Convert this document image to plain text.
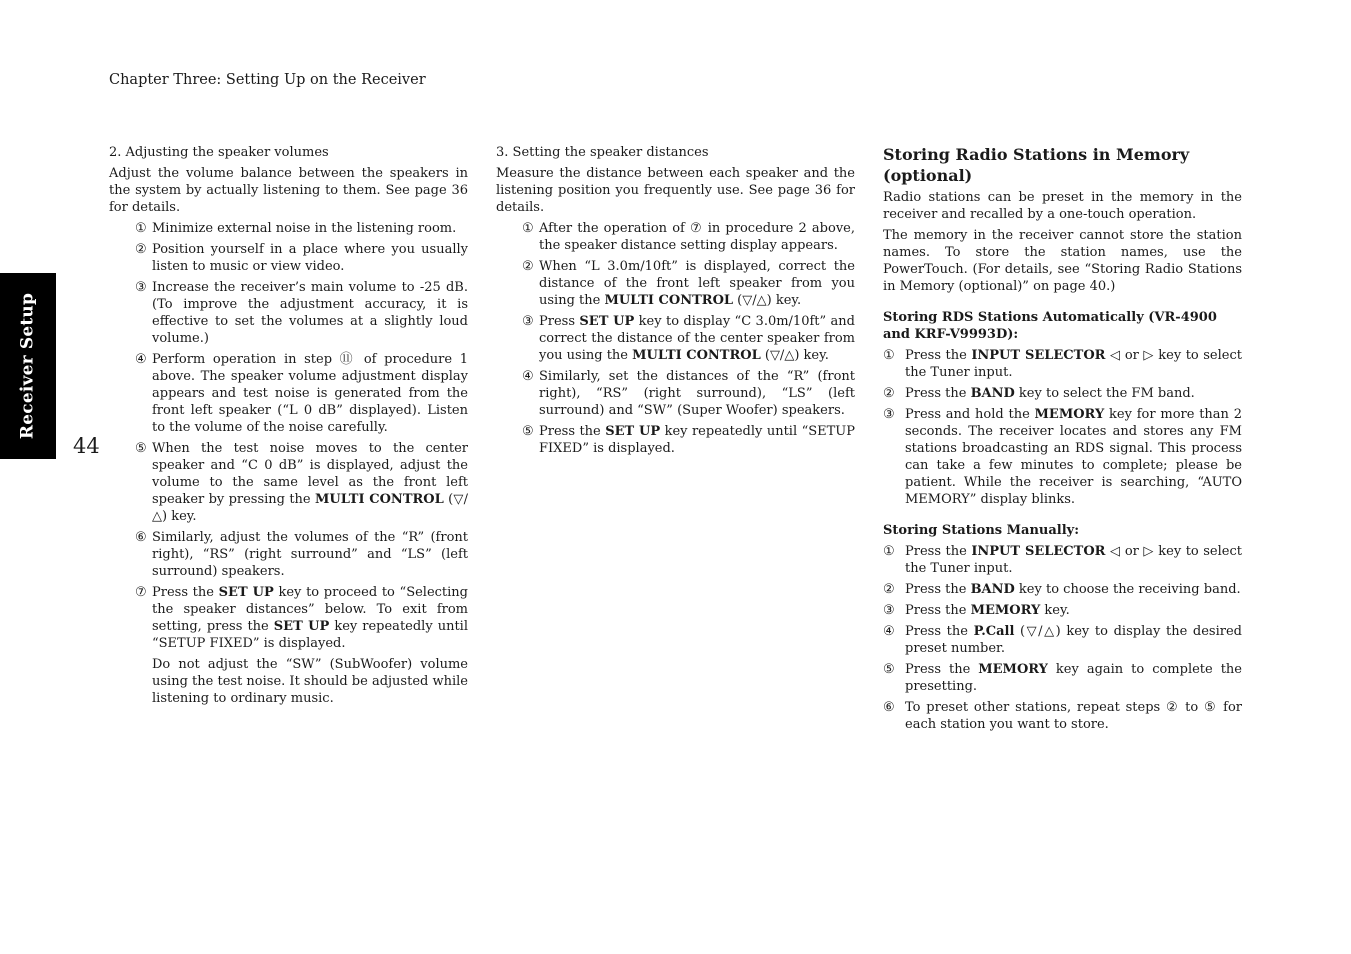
Chapter Three: Setting Up on the Receiver
Receiver Setup
44
2. Adjusting the speaker volumes
Adjust the volume balance between the speakers in the system by actually listening to them. See page 36 for details.
① Minimize external noise in the listening room.
② Position yourself in a place where you usually listen to music or view video.
③ Increase the receiver’s main volume to -25 dB. (To improve the adjustment accuracy, it is effective to set the volumes at a slightly loud volume.)
④ Perform operation in step ⑪ of procedure 1 above. The speaker volume adjustment display appears and test noise is generated from the front left speaker (“L 0 dB” displayed). Listen to the volume of the noise carefully.
⑤ When the test noise moves to the center speaker and “C 0 dB” is displayed, adjust the volume to the same level as the front left speaker by pressing the MULTI CONTROL (▽/△) key.
⑥ Similarly, adjust the volumes of the “R” (front right), “RS” (right surround” and “LS” (left surround) speakers.
⑦ Press the SET UP key to proceed to “Selecting the speaker distances” below. To exit from setting, press the SET UP key repeatedly until “SETUP FIXED” is displayed.
Do not adjust the “SW” (SubWoofer) volume using the test noise. It should be adjusted while listening to ordinary music.
3. Setting the speaker distances
Measure the distance between each speaker and the listening position you frequently use. See page 36 for details.
① After the operation of ⑦ in procedure 2 above, the speaker distance setting display appears.
② When “L 3.0m/10ft” is displayed, correct the distance of the front left speaker from you using the MULTI CONTROL (▽/△) key.
③ Press SET UP key to display “C 3.0m/10ft” and correct the distance of the center speaker from you using the MULTI CONTROL (▽/△) key.
④ Similarly, set the distances of the “R” (front right), “RS” (right surround), “LS” (left surround) and “SW” (Super Woofer) speakers.
⑤ Press the SET UP key repeatedly until “SETUP FIXED” is displayed.
Storing Radio Stations in Memory (optional)
Radio stations can be preset in the memory in the receiver and recalled by a one-touch operation.
The memory in the receiver cannot store the station names. To store the station names, use the PowerTouch. (For details, see “Storing Radio Stations in Memory (optional)” on page 40.)
Storing RDS Stations Automatically (VR-4900 and KRF-V9993D):
① Press the INPUT SELECTOR ◁ or ▷ key to select the Tuner input.
② Press the BAND key to select the FM band.
③ Press and hold the MEMORY key for more than 2 seconds. The receiver locates and stores any FM stations broadcasting an RDS signal. This process can take a few minutes to complete; please be patient. While the receiver is searching, “AUTO MEMORY” display blinks.
Storing Stations Manually:
① Press the INPUT SELECTOR ◁ or ▷ key to select the Tuner input.
② Press the BAND key to choose the receiving band.
③ Press the MEMORY key.
④ Press the P.Call (▽/△) key to display the desired preset number.
⑤ Press the MEMORY key again to complete the presetting.
⑥ To preset other stations, repeat steps ② to ⑤ for each station you want to store.
